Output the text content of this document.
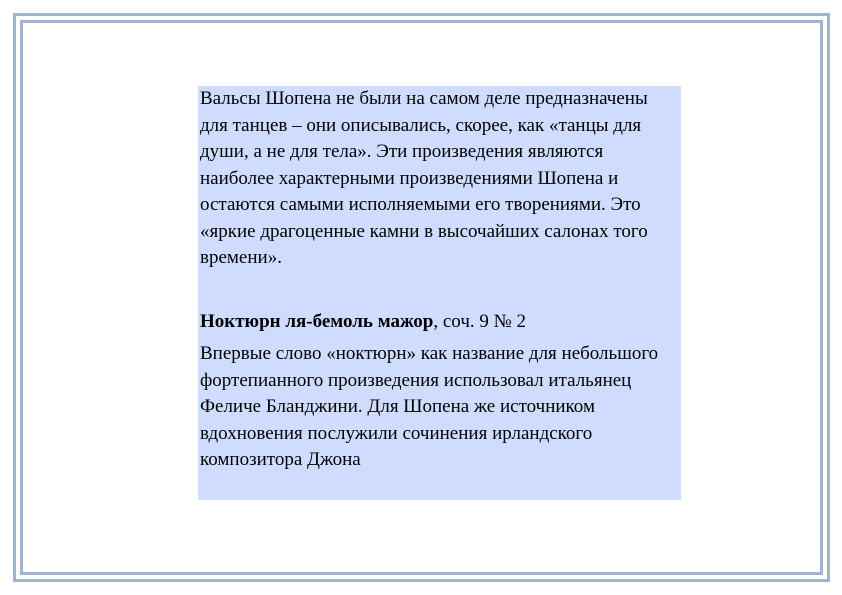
Вальсы Шопена не были на самом деле предназначены для танцев – они описывались, скорее, как «танцы для души, а не для тела». Эти произведения являются наиболее характерными произведениями Шопена и остаются самыми исполняемыми его творениями. Это «яркие драгоценные камни в высочайших салонах того времени».

Ноктюрн ля-бемоль мажор, соч. 9 № 2

Впервые слово «ноктюрн» как название для небольшого фортепианного произведения использовал итальянец Феличе Бланджини. Для Шопена же источником вдохновения послужили сочинения ирландского композитора Джона
